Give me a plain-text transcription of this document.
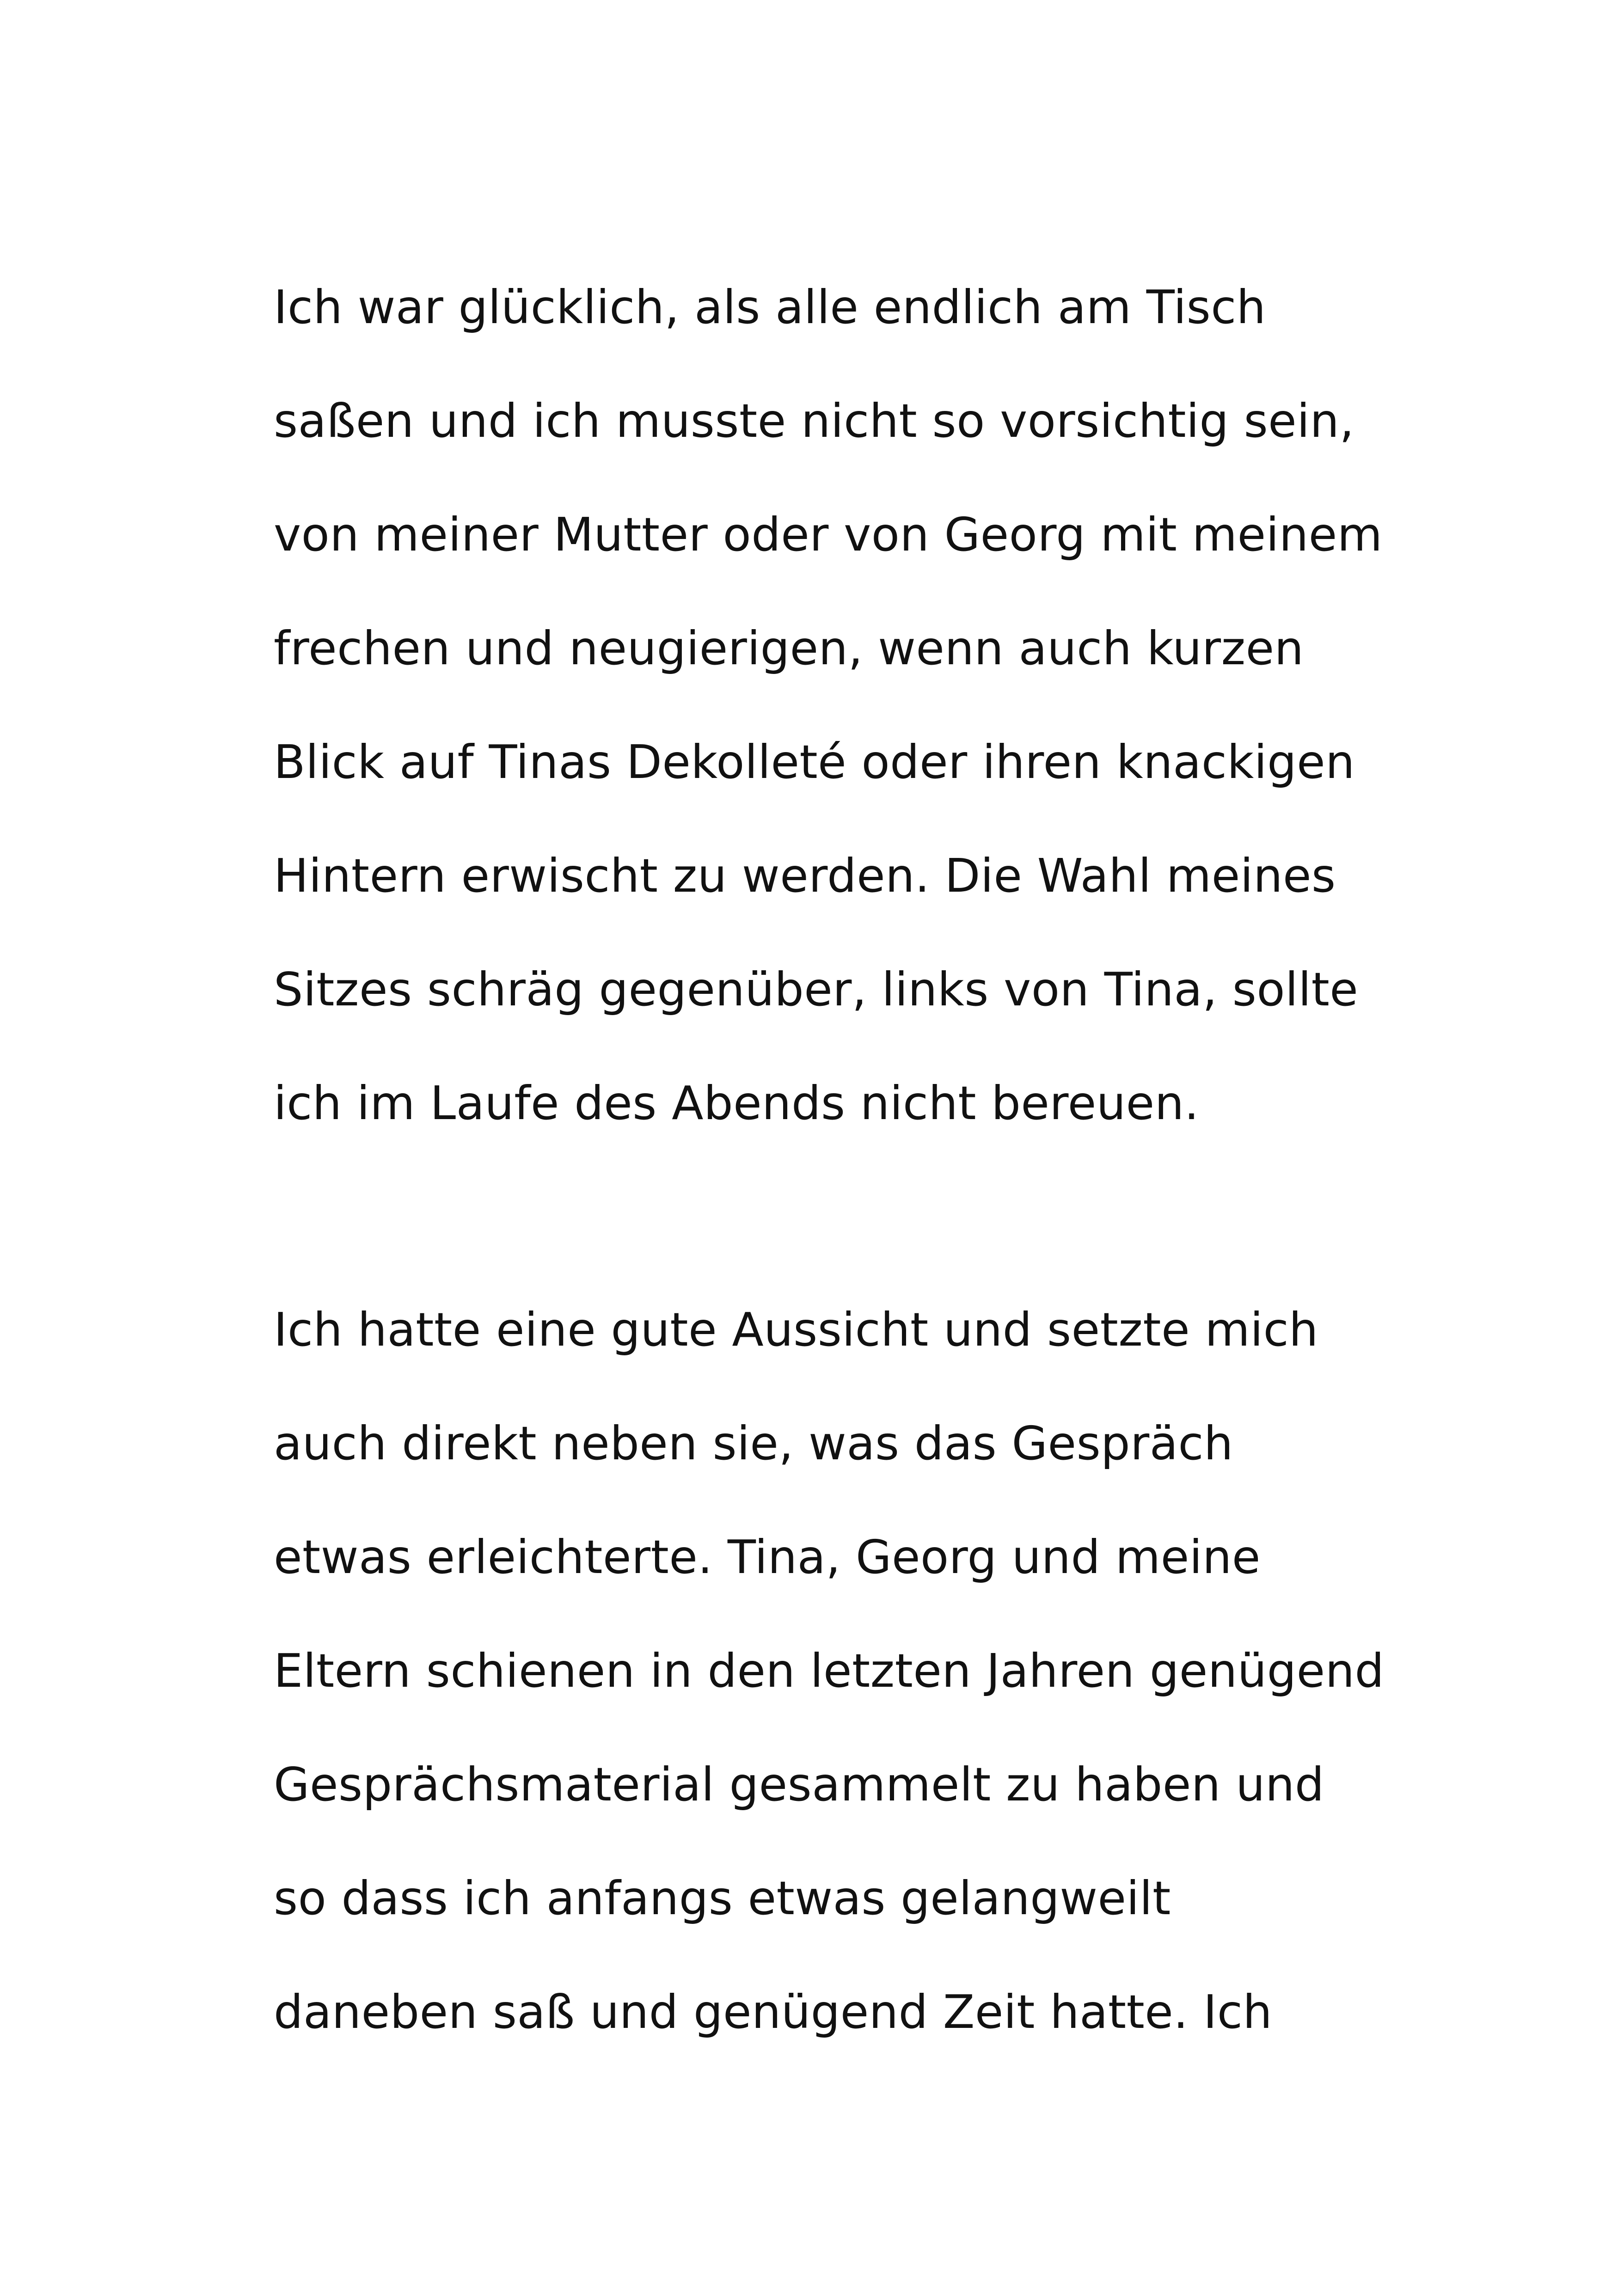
Ich war glücklich, als alle endlich am Tisch
saßen und ich musste nicht so vorsichtig sein,
von meiner Mutter oder von Georg mit meinem
frechen und neugierigen, wenn auch kurzen
Blick auf Tinas Dekolleté oder ihren knackigen
Hintern erwischt zu werden. Die Wahl meines
Sitzes schräg gegenüber, links von Tina, sollte
ich im Laufe des Abends nicht bereuen.

Ich hatte eine gute Aussicht und setzte mich
auch direkt neben sie, was das Gespräch
etwas erleichterte. Tina, Georg und meine
Eltern schienen in den letzten Jahren genügend
Gesprächsmaterial gesammelt zu haben und
so dass ich anfangs etwas gelangweilt
daneben saß und genügend Zeit hatte. Ich
